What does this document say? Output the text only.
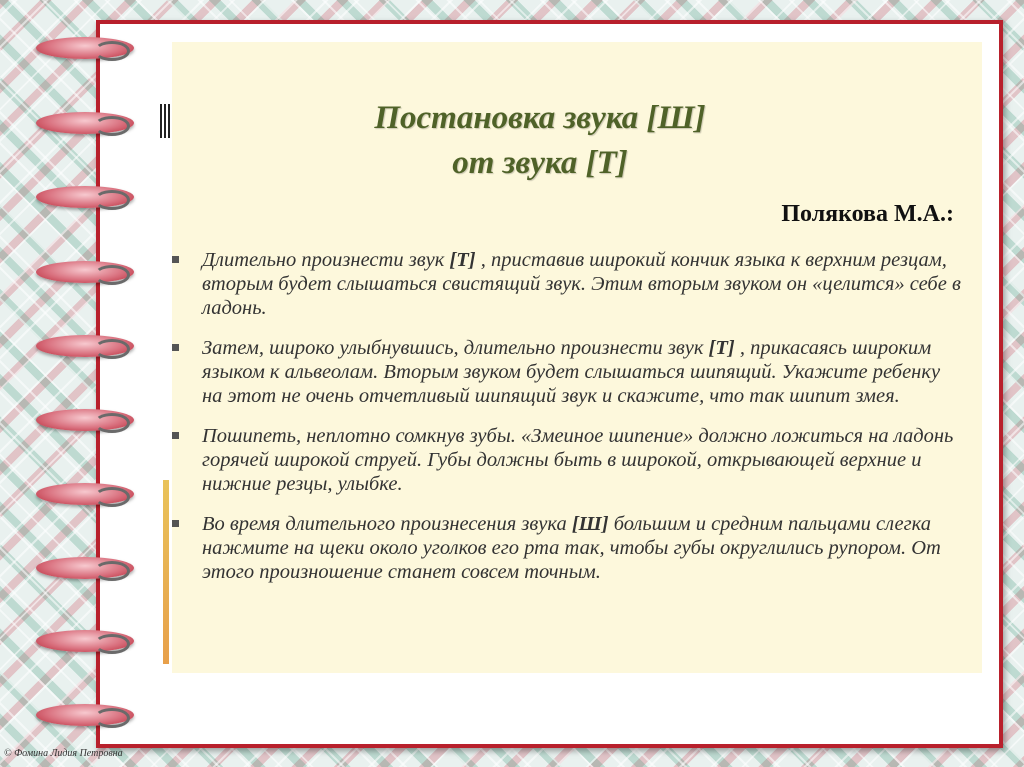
Постановка звука [Ш]
от звука [Т]
Полякова М.А.:
Длительно произнести звук [Т] , приставив широкий кончик языка к верхним резцам, вторым будет слышаться свистящий звук. Этим вторым звуком он «целится» себе в ладонь.
Затем, широко улыбнувшись, длительно произнести звук [Т] , прикасаясь широким языком к альвеолам. Вторым звуком будет слышаться шипящий. Укажите ребенку на этот не очень отчетливый шипящий звук и скажите, что так шипит змея.
Пошипеть, неплотно сомкнув зубы. «Змеиное шипение» должно ложиться на ладонь горячей широкой струей. Губы должны быть в широкой, открывающей верхние и нижние резцы, улыбке.
Во время длительного произнесения звука [Ш] большим и средним пальцами слегка нажмите на щеки около уголков его рта так, чтобы губы округлились рупором. От этого произношение станет совсем точным.
© Фомина Лидия Петровна
